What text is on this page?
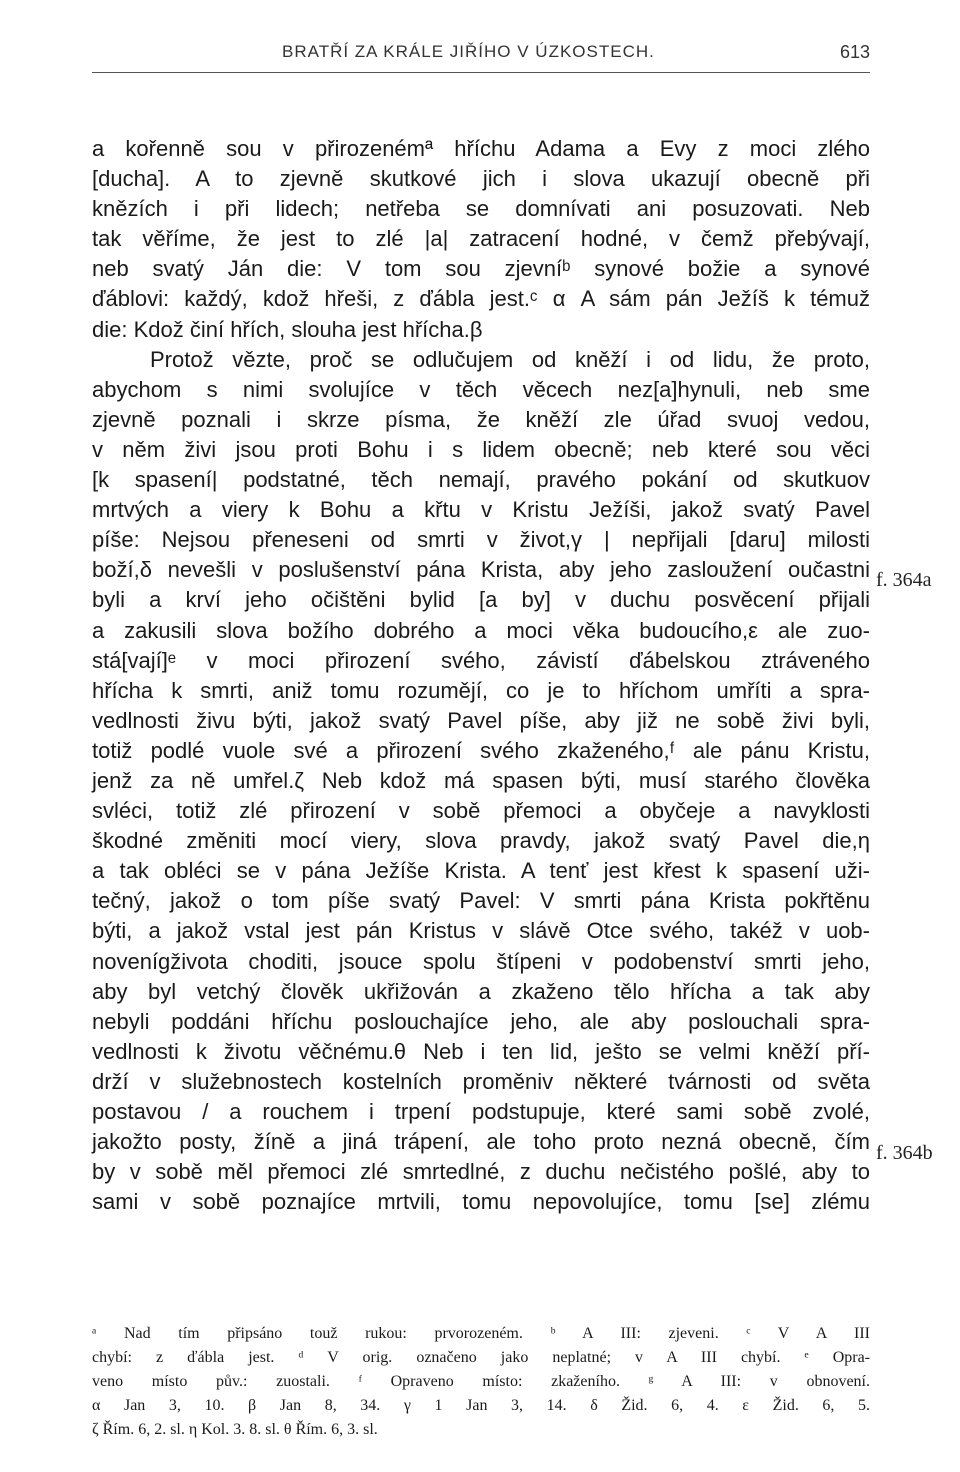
BRATŘÍ ZA KRÁLE JIŘÍHO V ÚZKOSTECH.	613
a kořenně sou v přirozenémª hříchu Adama a Evy z moci zlého
[ducha]. A to zjevně skutkové jich i slova ukazují obecně při
knězích i při lidech; netřeba se domnívati ani posuzovati. Neb
tak věříme, že jest to zlé |a| zatracení hodné, v čemž přebývají,
neb svatý Ján die: V tom sou zjevníᵇ synové božie a synové
ďáblovi: každý, kdož hřeši, z ďábla jest.ᶜ α A sám pán Ježíš k témuž
die: Kdož činí hřích, slouha jest hřícha.β
Protož vězte, proč se odlučujem od kněží i od lidu, že proto,
abychom s nimi svolujíce v těch věcech nez[a]hynuli, neb sme
zjevně poznali i skrze písma, že kněží zle úřad svuoj vedou,
v něm živi jsou proti Bohu i s lidem obecně; neb které sou věci
[k spasení| podstatné, těch nemají, pravého pokání od skutkuov
mrtvých a viery k Bohu a křtu v Kristu Ježíši, jakož svatý Pavel
píše: Nejsou přeneseni od smrti v život,γ | nepřijali [daru] milosti
boží,δ nevešli v poslušenství pána Krista, aby jeho zasloužení oučastni
byli a krví jeho očištěni bylid [a by] v duchu posvěcení přijali
a zakusili slova božího dobrého a moci věka budoucího,ε ale zuo-
stá[vají]ᵉ v moci přirození svého, závistí ďábelskou ztráveného
hřícha k smrti, aniž tomu rozumějí, co je to hříchom umříti a spra-
vedlnosti živu býti, jakož svatý Pavel píše, aby již ne sobě živi byli,
totiž podlé vuole své a přirození svého zkaženého,ᶠ ale pánu Kristu,
jenž za ně umřel.ζ Neb kdož má spasen býti, musí starého člověka
svléci, totiž zlé přirození v sobě přemoci a obyčeje a navyklosti
škodné změniti mocí viery, slova pravdy, jakož svatý Pavel die,η
a tak obléci se v pána Ježíše Krista. A tenť jest křest k spasení uži-
tečný, jakož o tom píše svatý Pavel: V smrti pána Krista pokřtěnu
býti, a jakož vstal jest pán Kristus v slávě Otce svého, takéž v uob-
novenígživota choditi, jsouce spolu štípeni v podobenství smrti jeho,
aby byl vetchý člověk ukřižován a zkaženo tělo hřícha a tak aby
nebyli poddáni hříchu poslouchajíce jeho, ale aby poslouchali spra-
vedlnosti k životu věčnému.θ Neb i ten lid, ješto se velmi kněží pří-
drží v služebnostech kostelních proměniv některé tvárnosti od světa
postavou / a rouchem i trpení podstupuje, které sami sobě zvolé,
jakožto posty, žíně a jiná trápení, ale toho proto nezná obecně, čím
by v sobě měl přemoci zlé smrtedlné, z duchu nečistého pošlé, aby to
sami v sobě poznajíce mrtvili, tomu nepovolujíce, tomu [se] zlému
f. 364a
f. 364b
ᵃ Nad tím připsáno touž rukou: prvorozeném. ᵇ A III: zjeveni. ᶜ V A III
chybí: z ďábla jest. ᵈ V orig. označeno jako neplatné; v A III chybí. ᵉ Opra-
veno místo pův.: zuostali. ᶠ Opraveno místo: zkaženího. ᵍ A III: v obnovení.
α Jan 3, 10. β Jan 8, 34. γ 1 Jan 3, 14. δ Žid. 6, 4. ε Žid. 6, 5.
ζ Řím. 6, 2. sl. η Kol. 3. 8. sl. θ Řím. 6, 3. sl.
